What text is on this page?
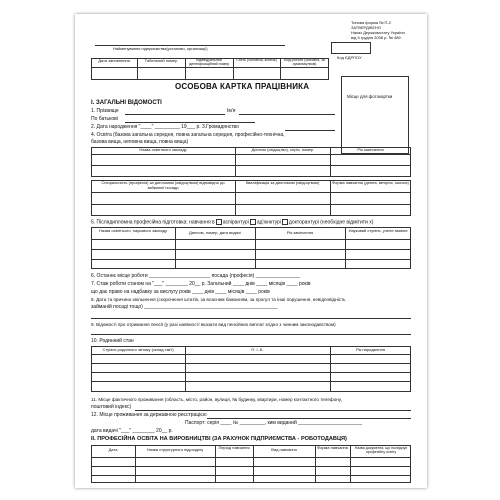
Типова форма № П-2
ЗАТВЕРДЖЕНО
Наказ Держкомстату України
від 5 грудня 2008 р. № 489
Найменування підприємства(установи, організації)
Код ЄДРПОУ
Дата заповнення	Табельний номер	Індивідуальний ідентифікаційний номер
Стать (чоловіча, жіноча)	Вид роботи (основна, за сумісництвом)
ОСОБОВА КАРТКА ПРАЦІВНИКА
Місце для фотокартки
І. ЗАГАЛЬНІ ВІДОМОСТІ
1. Прізвище	Ім'я
По батькові
2. Дата народження "____" _________ 19___ р. 3.Громадянство
4. Освіта (базова загальна середня, повна загальна середня, професійно-технічна,
базова вища, неповна вища, повна вища)
Назва освітнього закладу	Диплом (свідоцтво), серія, номер	Рік закінчення
Спеціальність (професія) за дипломом (свідоцтвом) відповідно до займаної посади
Кваліфікація за дипломом (свідоцтвом)	Форма навчання (денна, вечірня, заочна)
5. Післядипломна професійна підготовка: навчання в аспірантурі ад'юнктурі докторантурі (необхідне відмітити х)
Назва освітнього, наукового закладу	Диплом, номер, дата видачі	Рік закінчення	Науковий ступінь, учене звання
6. Останнє місце роботи ______________________ посада (професія) ________________
7. Стаж роботи станом на "___" ________ 20__ р. Загальний ____ днів ____ місяців ____ років
що дає право на надбавку за вислугу років ____ днів ____ місяців ____ років
8. Дата та причина звільнення (скорочення штатів, за власним бажанням, за прогул та інші порушення, невідповідність
займаній посаді тощо) ________________________________________________
9. Відомості про отримання пенсії (у разі наявності вказати вид пенсійних виплат згідно з чинним законодавством)
10. Родинний стан
Ступінь родинного зв'язку (склад сім'ї)	П. І. Б.	Рік народження
11. Місце фактичного проживання (область, місто, район, вулиця, № будинку, квартири, номер контактного телефону,
поштовий індекс)
12. Місце проживання за державною реєстрацією
Паспорт: серія ____ № _________, ким виданий _______________________
дата видачі "___" ________ 20__ р.
ІІ. ПРОФЕСІЙНА ОСВІТА НА ВИРОБНИЦТВІ (ЗА РАХУНОК ПІДПРИЄМСТВА - РОБОТОДАВЦЯ)
Дата	Назва структурного підрозділу	Період навчання	Вид навчання	Форма навчання	Назва документа, що посвідчує професійну освіту
